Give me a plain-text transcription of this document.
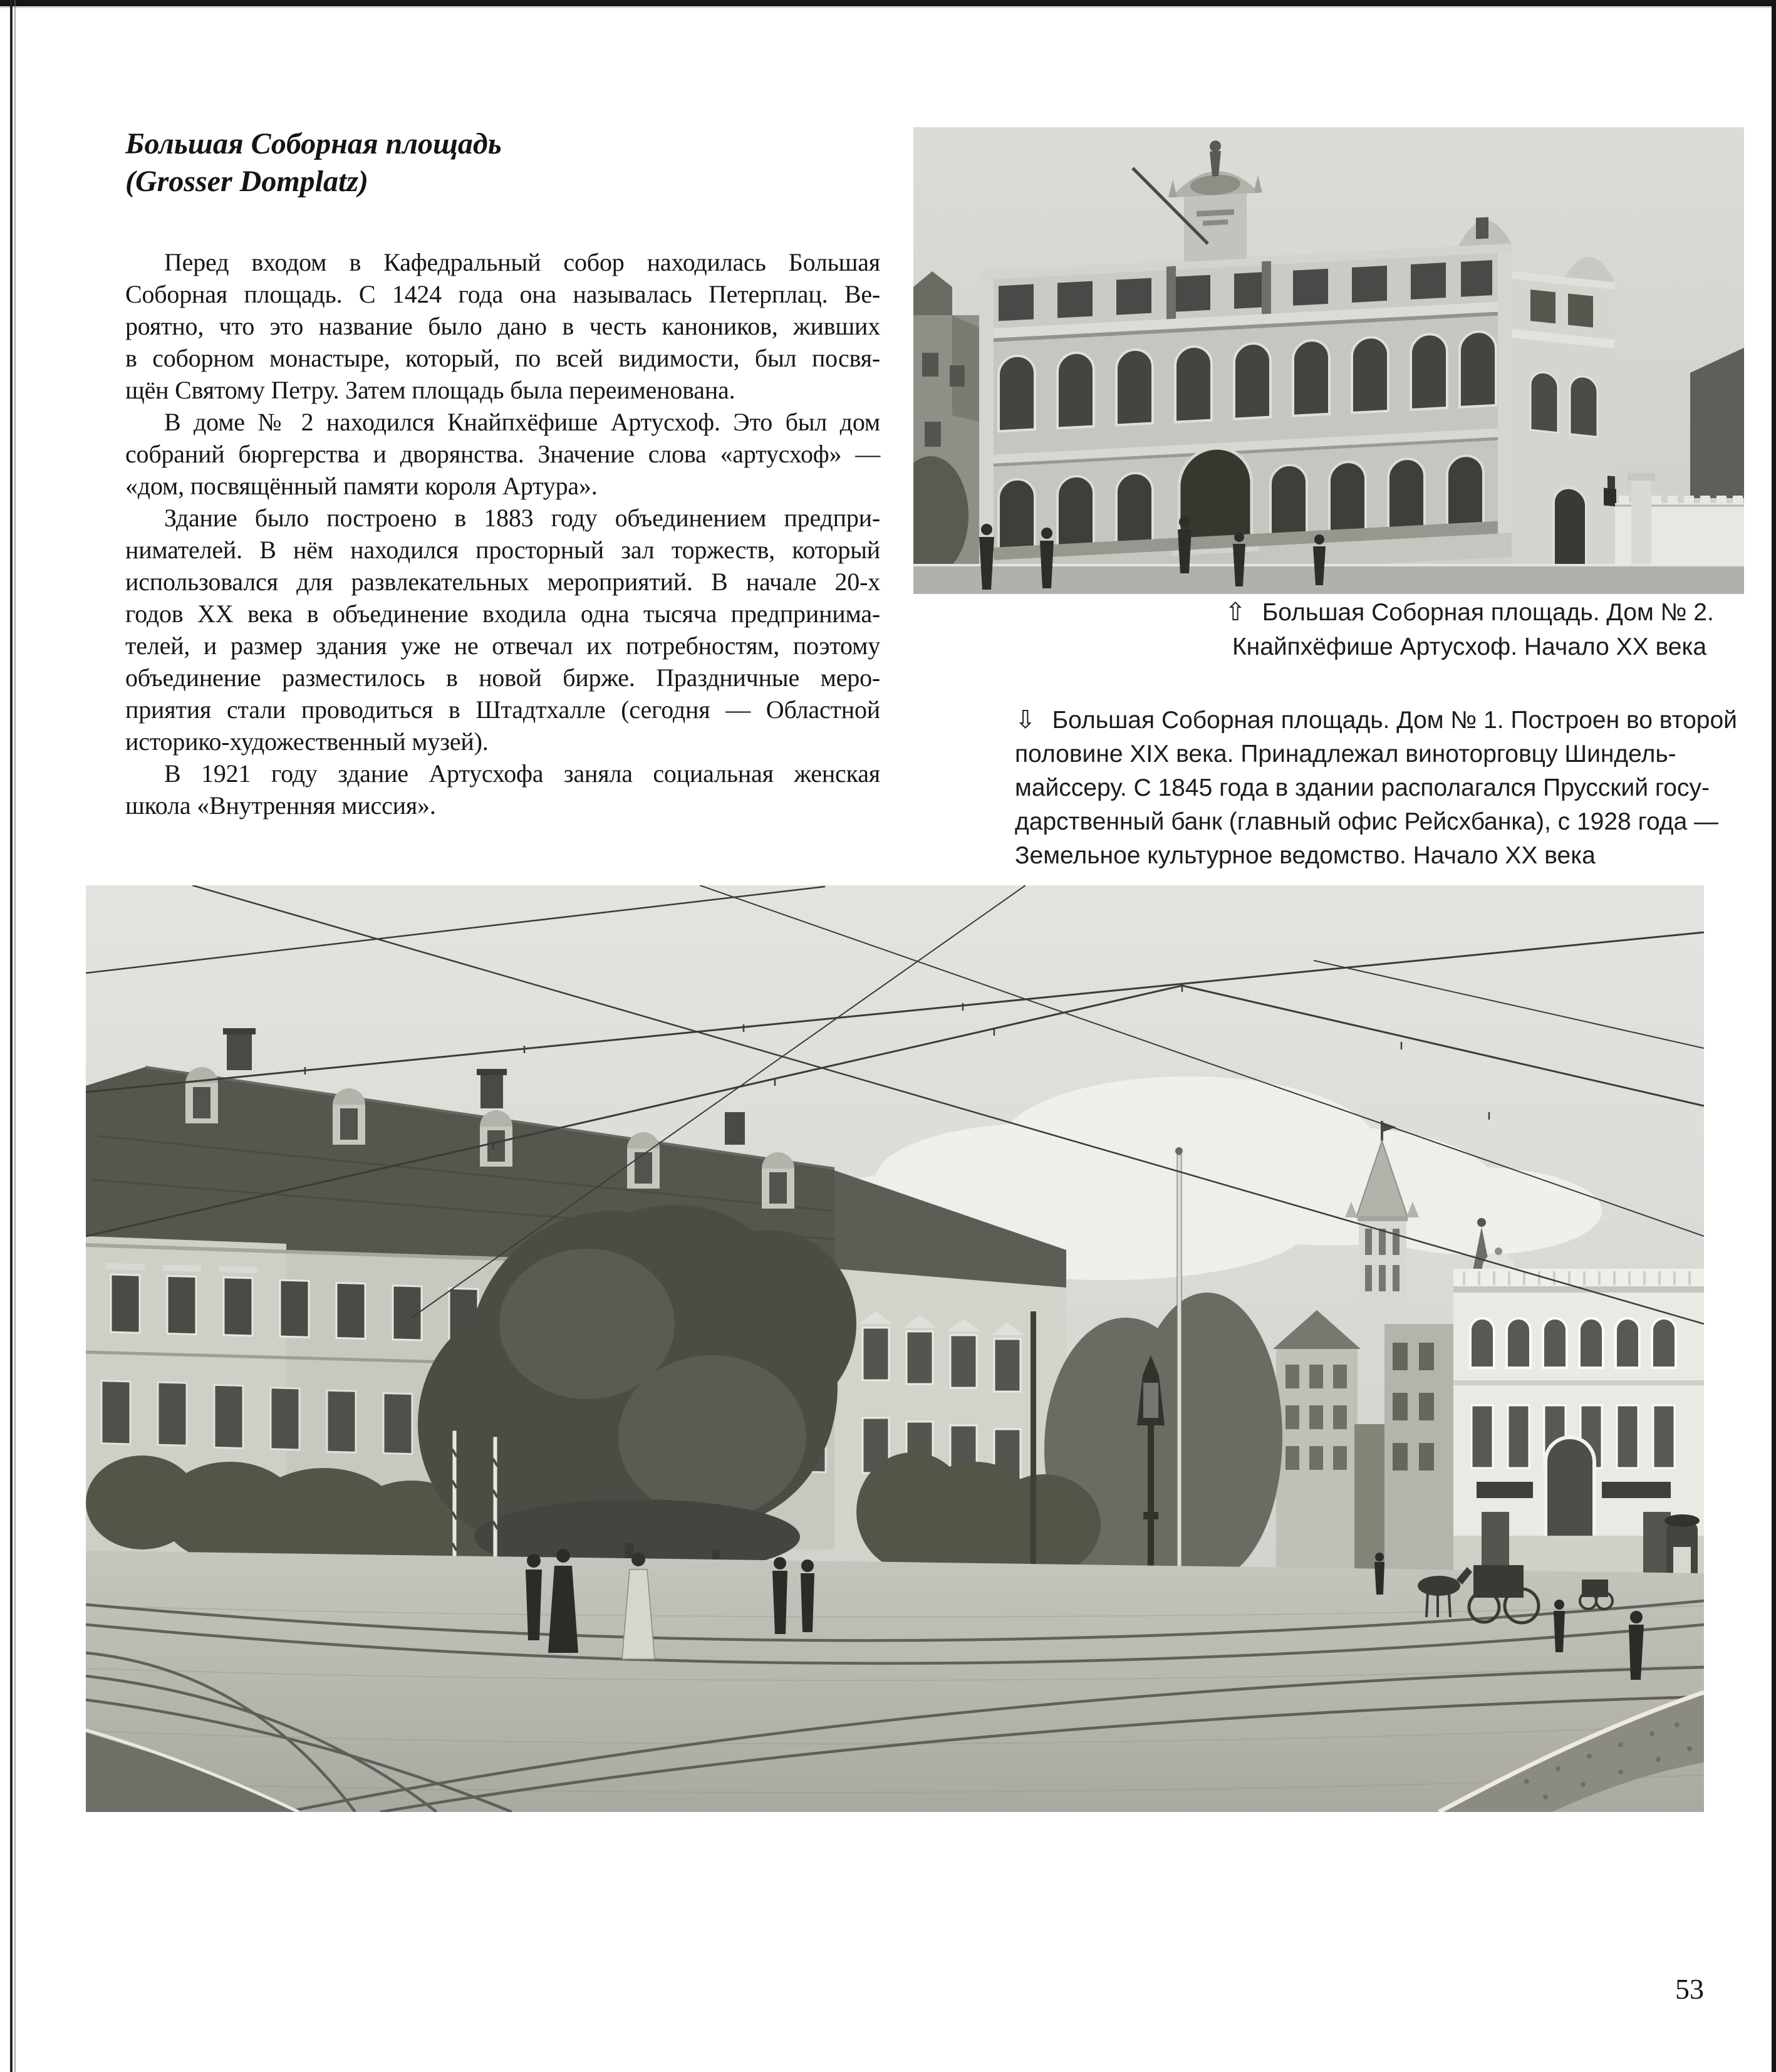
Большая Соборная площадь
(Grosser Domplatz)
Перед входом в Кафедральный собор находилась Большая
Соборная площадь. С 1424 года она называлась Петерплац. Ве-
роятно, что это название было дано в честь каноников, живших
в соборном монастыре, который, по всей видимости, был посвя-
щён Святому Петру. Затем площадь была переименована.
В доме № 2 находился Кнайпхёфише Артусхоф. Это был дом
собраний бюргерства и дворянства. Значение слова «артусхоф» —
«дом, посвящённый памяти короля Артура».
Здание было построено в 1883 году объединением предпри-
нимателей. В нём находился просторный зал торжеств, который
использовался для развлекательных мероприятий. В начале 20-х
годов XX века в объединение входила одна тысяча предпринима-
телей, и размер здания уже не отвечал их потребностям, поэтому
объединение разместилось в новой бирже. Праздничные меро-
приятия стали проводиться в Штадтхалле (сегодня — Областной
историко-художественный музей).
В 1921 году здание Артусхофа заняла социальная женская
школа «Внутренняя миссия».
⇧ Большая Соборная площадь. Дом № 2.
Кнайпхёфише Артусхоф. Начало XX века
⇩ Большая Соборная площадь. Дом № 1. Построен во второй
половине XIX века. Принадлежал виноторговцу Шиндель-
майссеру. С 1845 года в здании располагался Прусский госу-
дарственный банк (главный офис Рейсхбанка), с 1928 года —
Земельное культурное ведомство. Начало XX века
53
